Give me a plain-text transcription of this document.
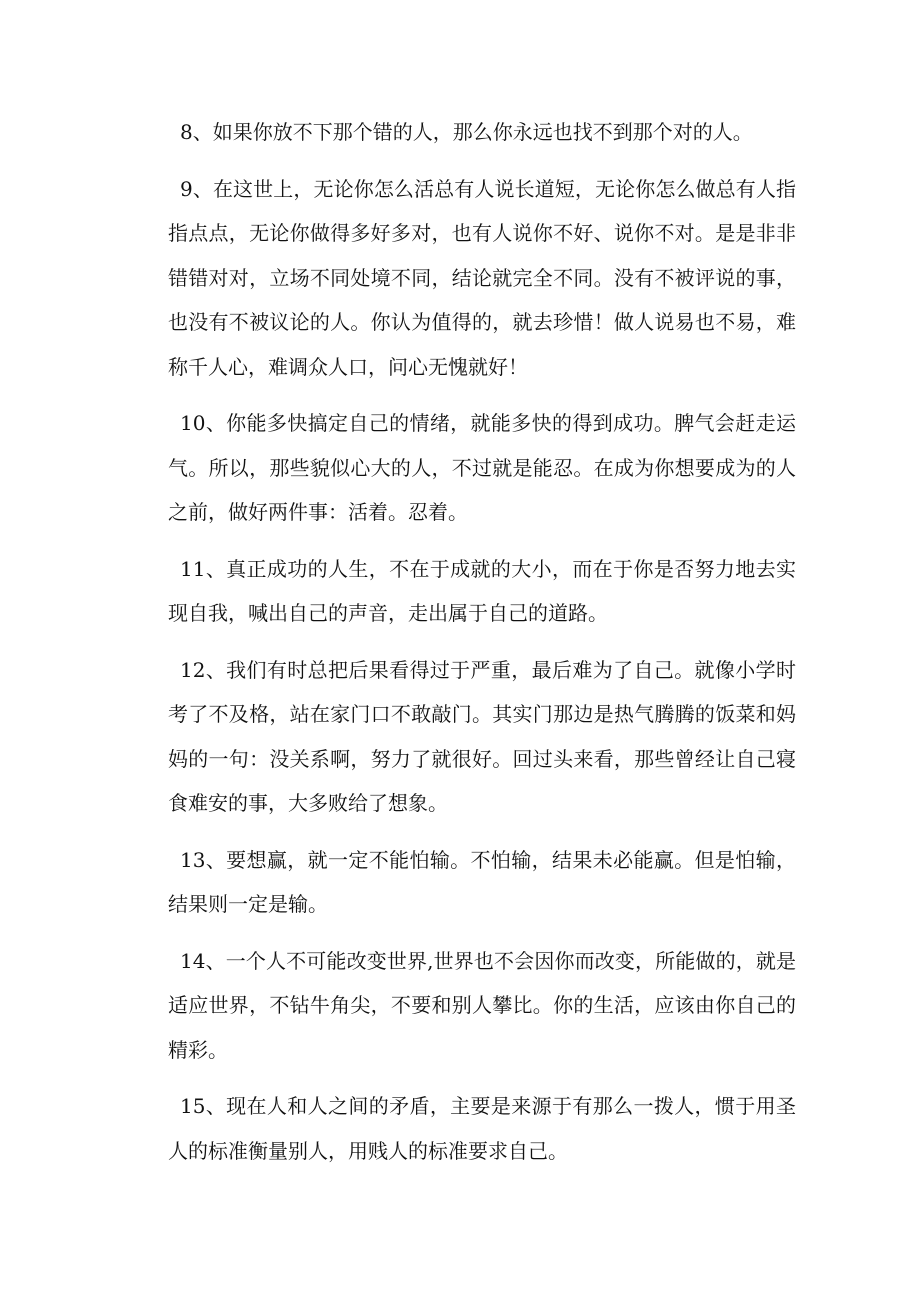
8、如果你放不下那个错的人，那么你永远也找不到那个对的人。

9、在这世上，无论你怎么活总有人说长道短，无论你怎么做总有人指指点点，无论你做得多好多对，也有人说你不好、说你不对。是是非非错错对对，立场不同处境不同，结论就完全不同。没有不被评说的事，也没有不被议论的人。你认为值得的，就去珍惜！做人说易也不易，难称千人心，难调众人口，问心无愧就好！

10、你能多快搞定自己的情绪，就能多快的得到成功。脾气会赶走运气。所以，那些貌似心大的人，不过就是能忍。在成为你想要成为的人之前，做好两件事：活着。忍着。

11、真正成功的人生，不在于成就的大小，而在于你是否努力地去实现自我，喊出自己的声音，走出属于自己的道路。

12、我们有时总把后果看得过于严重，最后难为了自己。就像小学时考了不及格，站在家门口不敢敲门。其实门那边是热气腾腾的饭菜和妈妈的一句：没关系啊，努力了就很好。回过头来看，那些曾经让自己寝食难安的事，大多败给了想象。

13、要想赢，就一定不能怕输。不怕输，结果未必能赢。但是怕输，结果则一定是输。

14、一个人不可能改变世界,世界也不会因你而改变，所能做的，就是适应世界，不钻牛角尖，不要和别人攀比。你的生活，应该由你自己的精彩。

15、现在人和人之间的矛盾，主要是来源于有那么一拨人，惯于用圣人的标准衡量别人，用贱人的标准要求自己。
